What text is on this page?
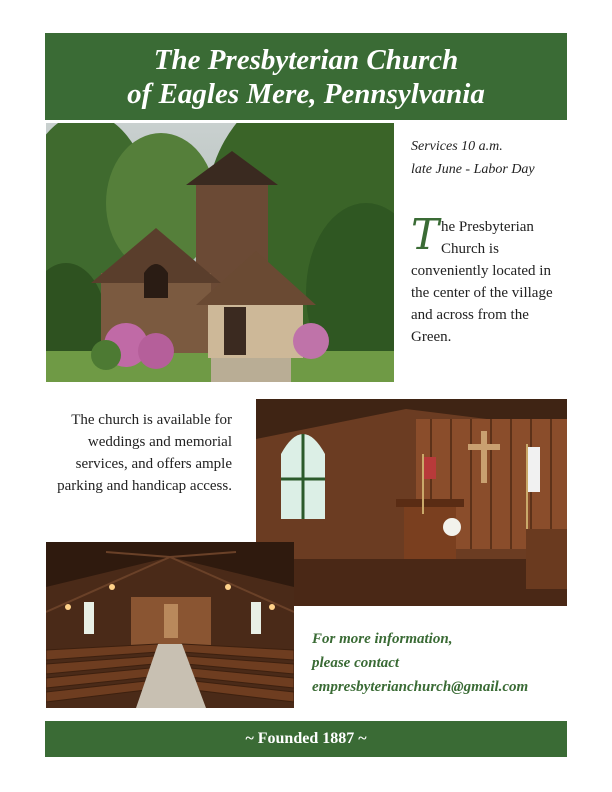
The Presbyterian Church
of Eagles Mere, Pennsylvania
Services 10 a.m.
late June - Labor Day
The Presbyterian Church is conveniently located in the center of the village and across from the Green.
The church is available for weddings and memorial services, and offers ample parking and handicap access.
For more information,
please contact
empresbyterianchurch@gmail.com
~ Founded 1887 ~
